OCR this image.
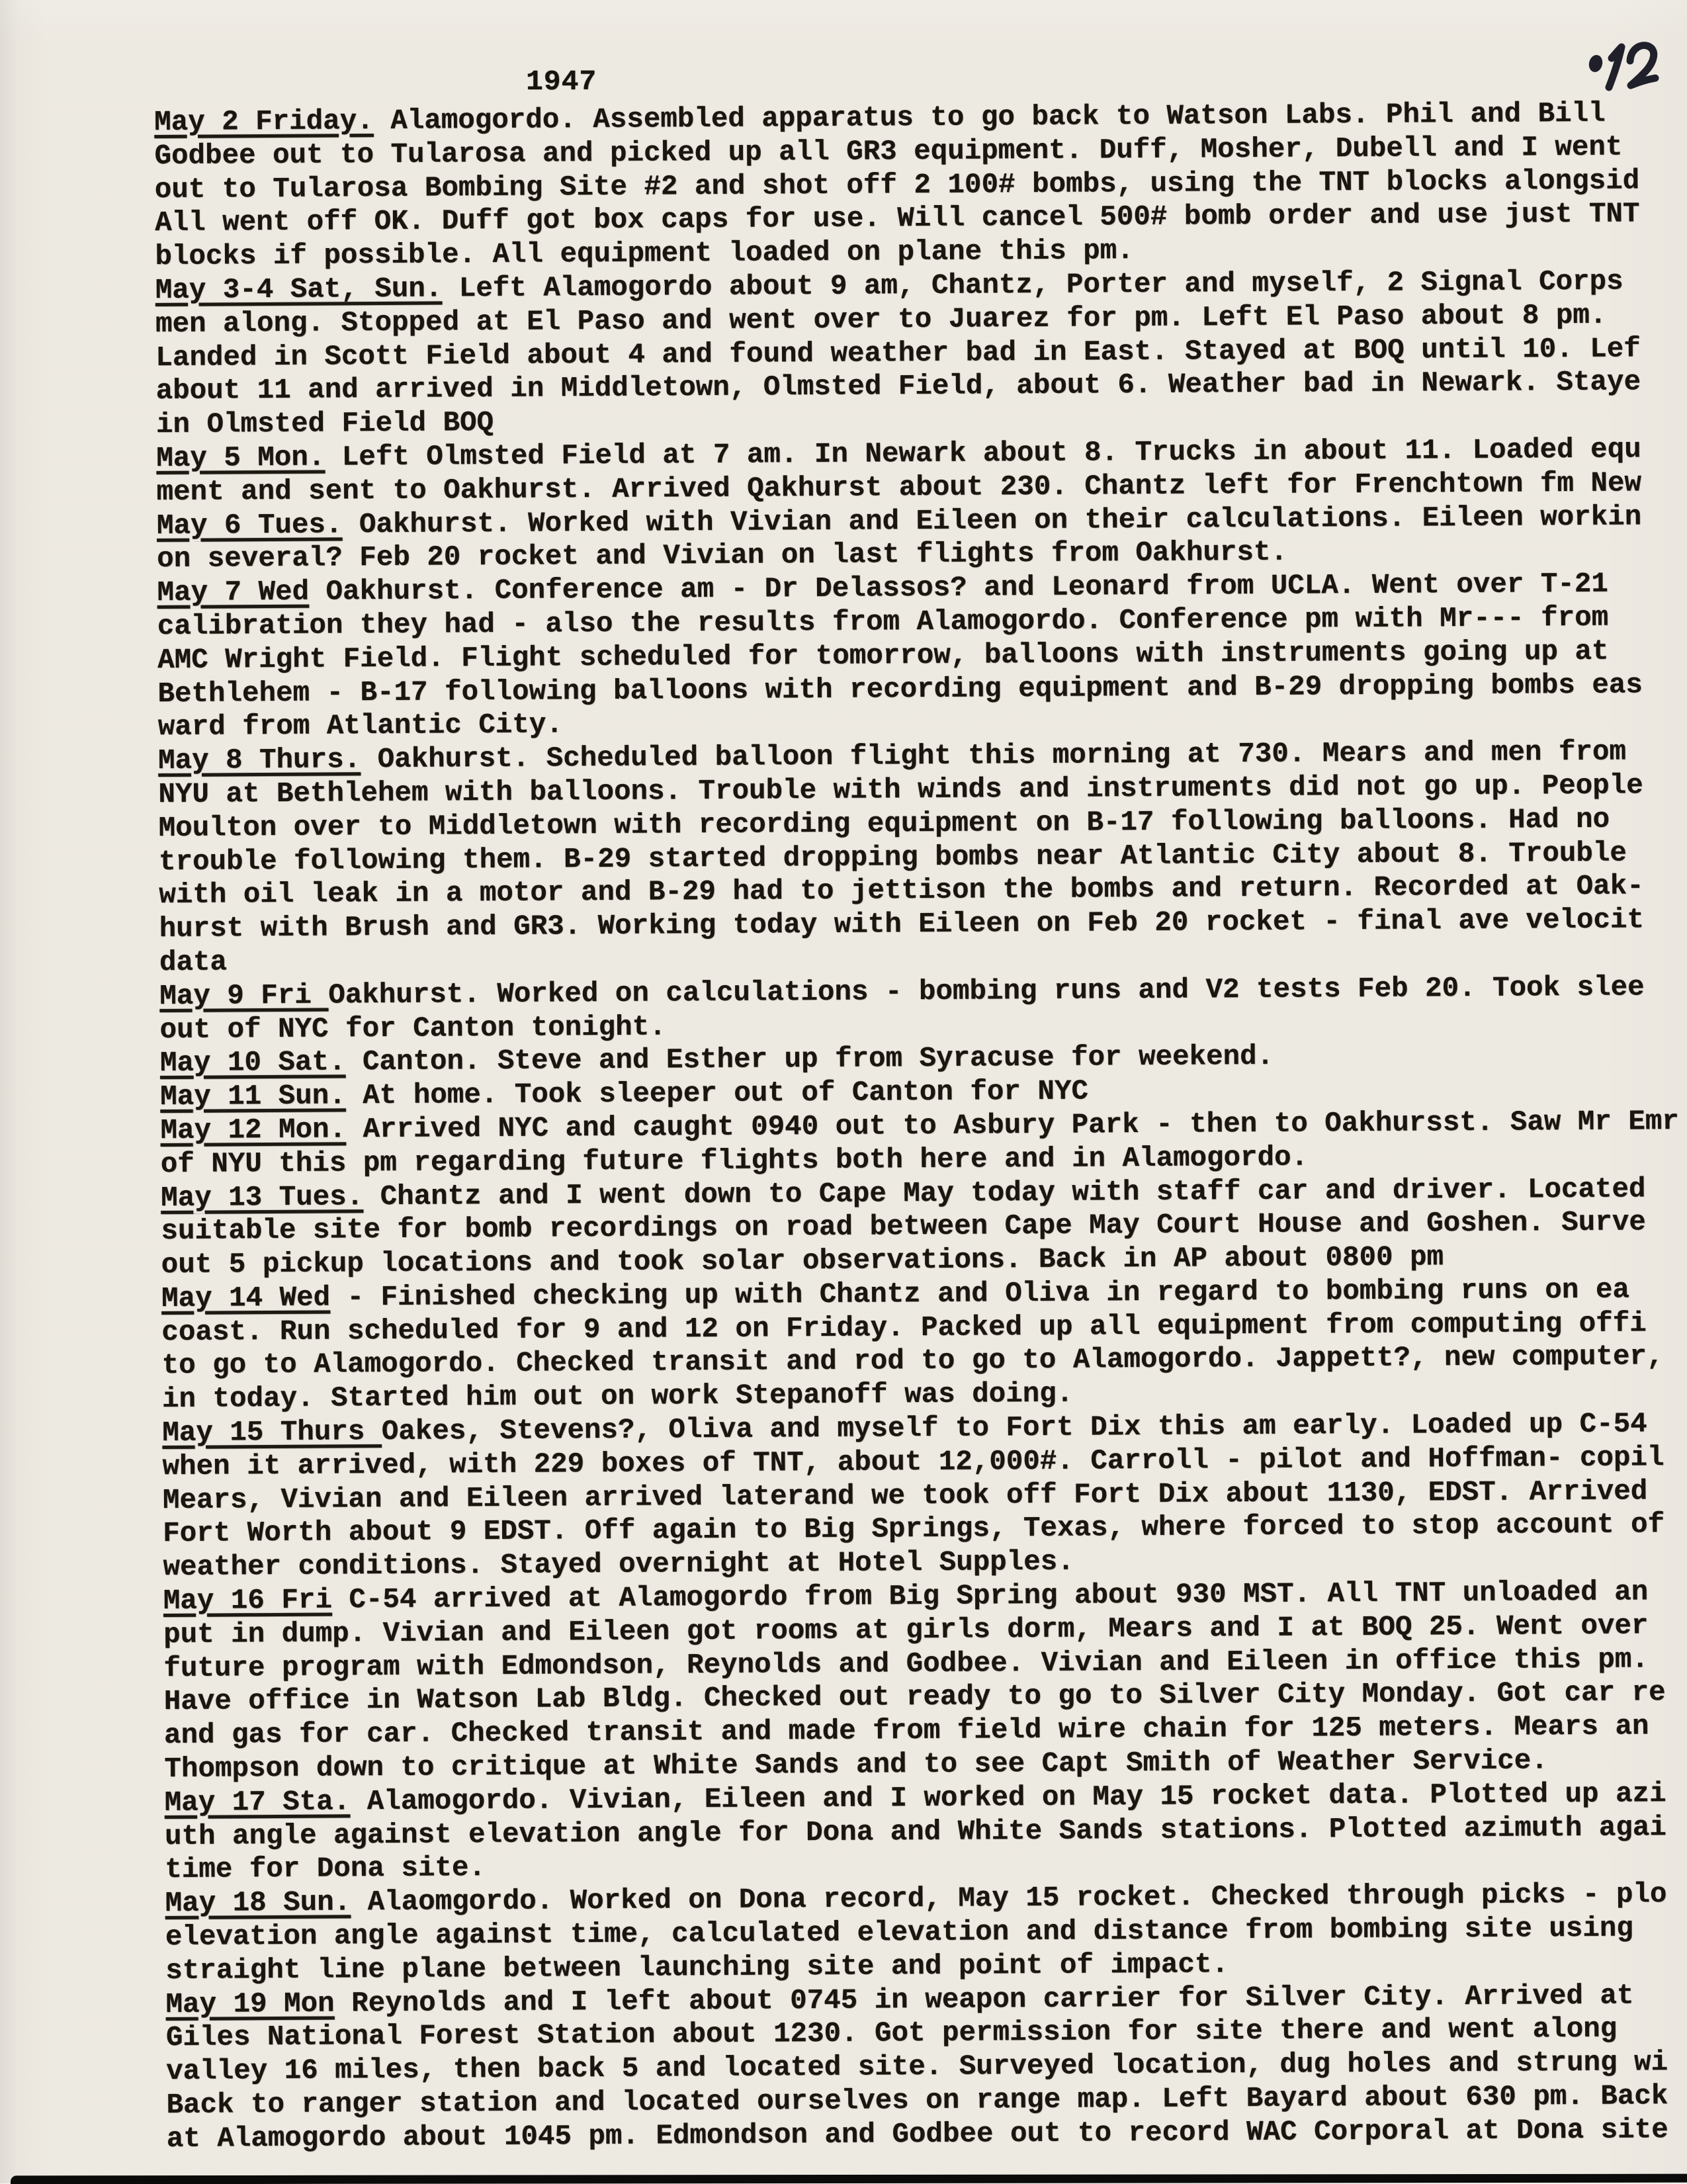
1947
May 2 Friday. Alamogordo. Assembled apparatus to go back to Watson Labs. Phil and Bill
Godbee out to Tularosa and picked up all GR3 equipment. Duff, Mosher, Dubell and I went
out to Tularosa Bombing Site #2 and shot off 2 100# bombs, using the TNT blocks alongsid
All went off OK. Duff got box caps for use. Will cancel 500# bomb order and use just TNT
blocks if possible. All equipment loaded on plane this pm.
May 3-4 Sat, Sun. Left Alamogordo about 9 am, Chantz, Porter and myself, 2 Signal Corps
men along. Stopped at El Paso and went over to Juarez for pm. Left El Paso about 8 pm.
Landed in Scott Field about 4 and found weather bad in East. Stayed at BOQ until 10. Lef
about 11 and arrived in Middletown, Olmsted Field, about 6. Weather bad in Newark. Staye
in Olmsted Field BOQ
May 5 Mon. Left Olmsted Field at 7 am. In Newark about 8. Trucks in about 11. Loaded equ
ment and sent to Oakhurst. Arrived Qakhurst about 230. Chantz left for Frenchtown fm New
May 6 Tues. Oakhurst. Worked with Vivian and Eileen on their calculations. Eileen workin
on several? Feb 20 rocket and Vivian on last flights from Oakhurst.
May 7 Wed Oakhurst. Conference am - Dr Delassos? and Leonard from UCLA. Went over T-21
calibration they had - also the results from Alamogordo. Conference pm with Mr--- from
AMC Wright Field. Flight scheduled for tomorrow, balloons with instruments going up at
Bethlehem - B-17 following balloons with recording equipment and B-29 dropping bombs eas
ward from Atlantic City.
May 8 Thurs. Oakhurst. Scheduled balloon flight this morning at 730. Mears and men from
NYU at Bethlehem with balloons. Trouble with winds and instruments did not go up. People
Moulton over to Middletown with recording equipment on B-17 following balloons. Had no
trouble following them. B-29 started dropping bombs near Atlantic City about 8. Trouble
with oil leak in a motor and B-29 had to jettison the bombs and return. Recorded at Oak-
hurst with Brush and GR3. Working today with Eileen on Feb 20 rocket - final ave velocit
data
May 9 Fri Oakhurst. Worked on calculations - bombing runs and V2 tests Feb 20. Took slee
out of NYC for Canton tonight.
May 10 Sat. Canton. Steve and Esther up from Syracuse for weekend.
May 11 Sun. At home. Took sleeper out of Canton for NYC
May 12 Mon. Arrived NYC and caught 0940 out to Asbury Park - then to Oakhursst. Saw Mr Emr
of NYU this pm regarding future flights both here and in Alamogordo.
May 13 Tues. Chantz and I went down to Cape May today with staff car and driver. Located
suitable site for bomb recordings on road between Cape May Court House and Goshen. Surve
out 5 pickup locations and took solar observations. Back in AP about 0800 pm
May 14 Wed - Finished checking up with Chantz and Oliva in regard to bombing runs on ea
coast. Run scheduled for 9 and 12 on Friday. Packed up all equipment from computing offi
to go to Alamogordo. Checked transit and rod to go to Alamogordo. Jappett?, new computer,
in today. Started him out on work Stepanoff was doing.
May 15 Thurs Oakes, Stevens?, Oliva and myself to Fort Dix this am early. Loaded up C-54
when it arrived, with 229 boxes of TNT, about 12,000#. Carroll - pilot and Hoffman- copil
Mears, Vivian and Eileen arrived laterand we took off Fort Dix about 1130, EDST. Arrived
Fort Worth about 9 EDST. Off again to Big Springs, Texas, where forced to stop account of
weather conditions. Stayed overnight at Hotel Supples.
May 16 Fri C-54 arrived at Alamogordo from Big Spring about 930 MST. All TNT unloaded an
put in dump. Vivian and Eileen got rooms at girls dorm, Mears and I at BOQ 25. Went over
future program with Edmondson, Reynolds and Godbee. Vivian and Eileen in office this pm.
Have office in Watson Lab Bldg. Checked out ready to go to Silver City Monday. Got car re
and gas for car. Checked transit and made from field wire chain for 125 meters. Mears an
Thompson down to critique at White Sands and to see Capt Smith of Weather Service.
May 17 Sta. Alamogordo. Vivian, Eileen and I worked on May 15 rocket data. Plotted up azi
uth angle against elevation angle for Dona and White Sands stations. Plotted azimuth agai
time for Dona site.
May 18 Sun. Alaomgordo. Worked on Dona record, May 15 rocket. Checked through picks - plo
elevation angle against time, calculated elevation and distance from bombing site using
straight line plane between launching site and point of impact.
May 19 Mon Reynolds and I left about 0745 in weapon carrier for Silver City. Arrived at
Giles National Forest Station about 1230. Got permission for site there and went along
valley 16 miles, then back 5 and located site. Surveyed location, dug holes and strung wi
Back to ranger station and located ourselves on range map. Left Bayard about 630 pm. Back
at Alamogordo about 1045 pm. Edmondson and Godbee out to record WAC Corporal at Dona site
